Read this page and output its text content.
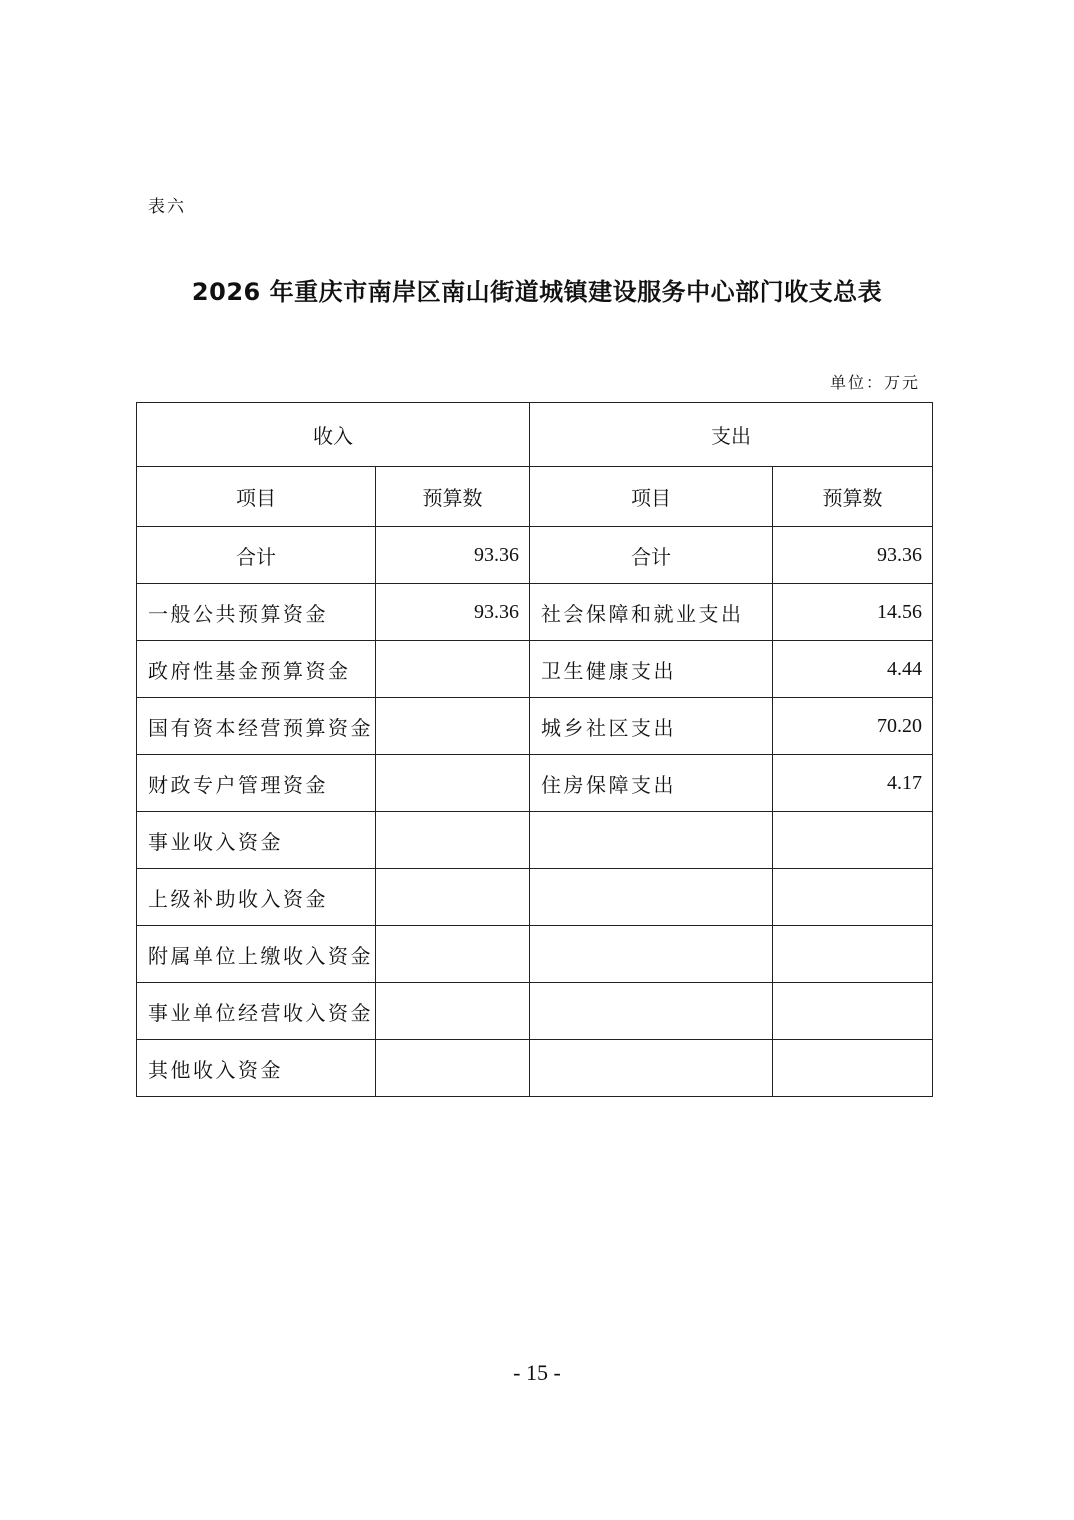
表六
2026 年重庆市南岸区南山街道城镇建设服务中心部门收支总表
单位：万元
收入		支出	
项目	预算数	项目	预算数
合计	93.36	合计	93.36
一般公共预算资金	93.36	社会保障和就业支出	14.56
政府性基金预算资金		卫生健康支出	4.44
国有资本经营预算资金		城乡社区支出	70.20
财政专户管理资金		住房保障支出	4.17
事业收入资金			
上级补助收入资金			
附属单位上缴收入资金			
事业单位经营收入资金			
其他收入资金			
- 15 -
